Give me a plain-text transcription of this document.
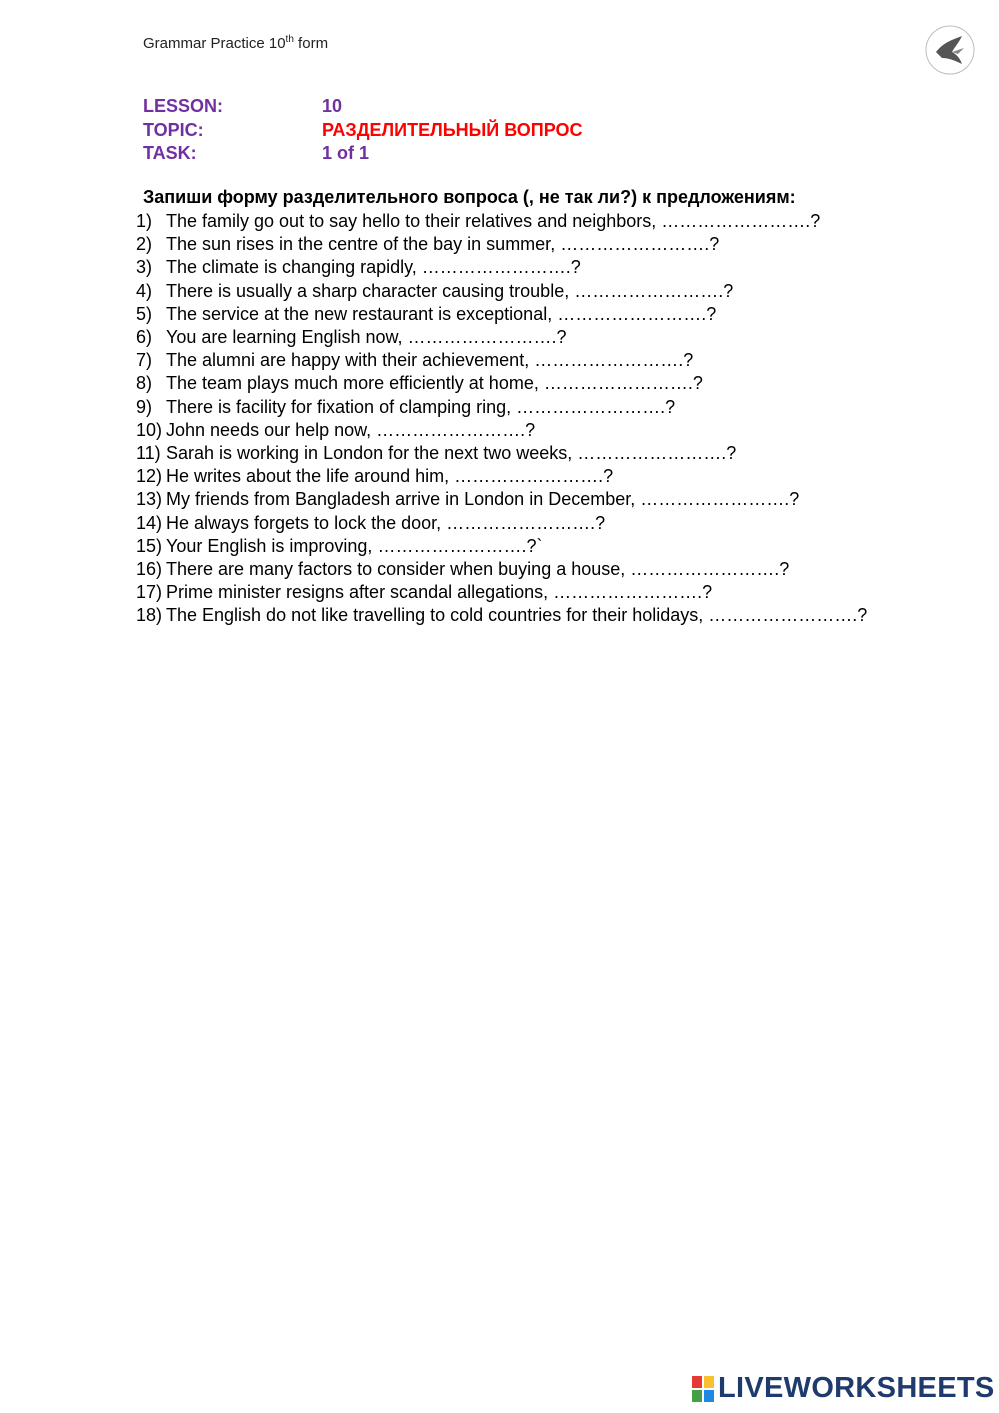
Grammar Practice 10th form
LESSON:	10
TOPIC:	РАЗДЕЛИТЕЛЬНЫЙ ВОПРОС
TASK:	1 of 1
Запиши форму разделительного вопроса (, не так ли?) к предложениям:
1) The family go out to say hello to their relatives and neighbors, …………………….?
2) The sun rises in the centre of the bay in summer, …………………….?
3) The climate is changing rapidly, …………………….?
4) There is usually a sharp character causing trouble, …………………….?
5) The service at the new restaurant is exceptional, …………………….?
6) You are learning English now, …………………….?
7) The alumni are happy with their achievement, …………………….?
8) The team plays much more efficiently at home, …………………….?
9) There is facility for fixation of clamping ring, …………………….?
10) John needs our help now, …………………….?
11) Sarah is working in London for the next two weeks, …………………….?
12) He writes about the life around him, …………………….?
13) My friends from Bangladesh arrive in London in December, …………………….?
14) He always forgets to lock the door, …………………….?
15) Your English is improving, …………………….?`
16) There are many factors to consider when buying a house, …………………….?
17) Prime minister resigns after scandal allegations, …………………….?
18) The English do not like travelling to cold countries for their holidays, …………………….?
LIVEWORKSHEETS
